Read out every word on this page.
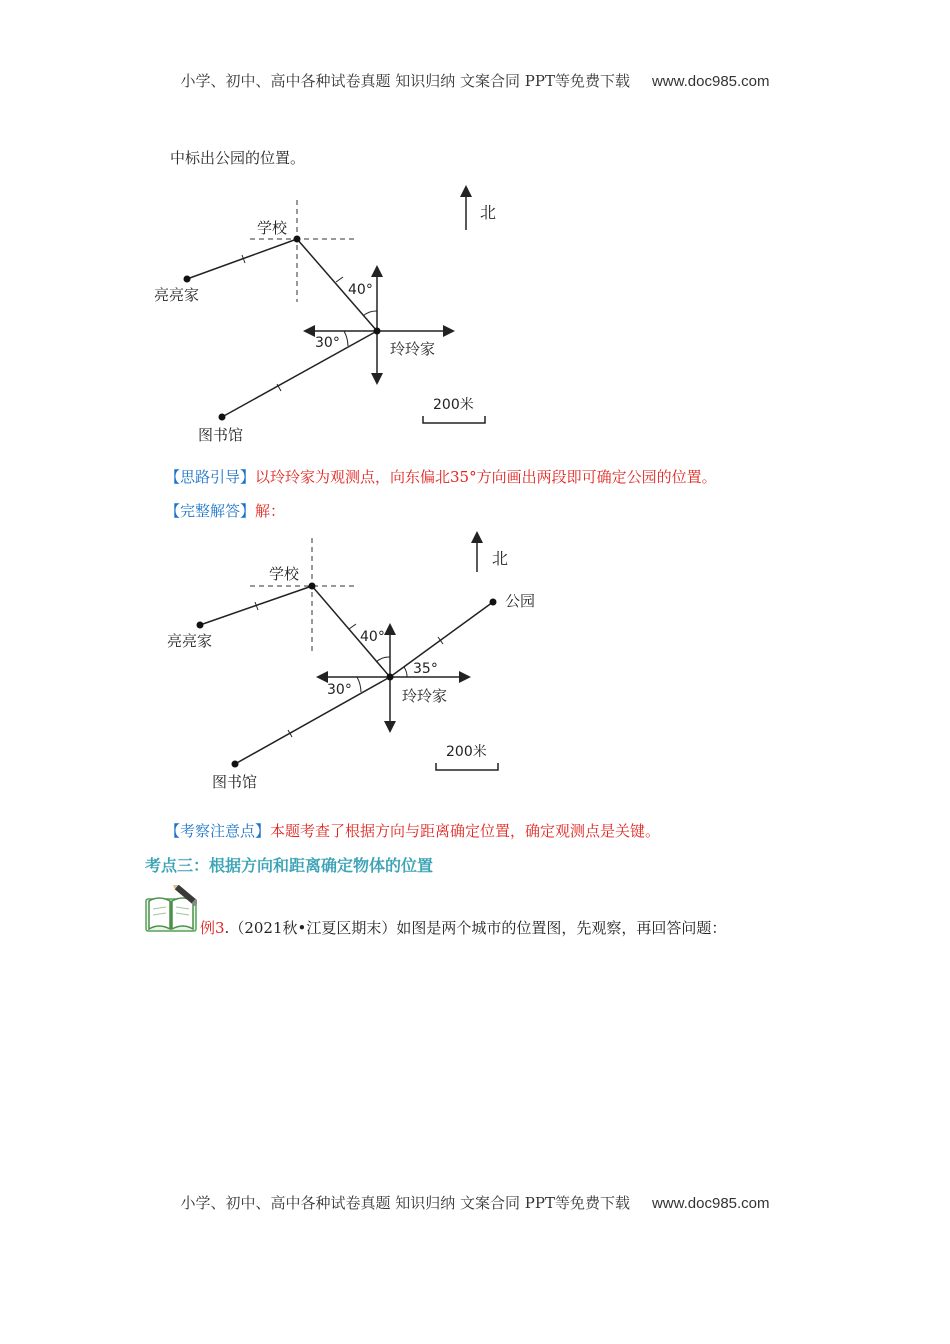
小学、初中、高中各种试卷真题 知识归纳 文案合同 PPT等免费下载 www.doc985.com
中标出公园的位置。
北
学校
亮亮家	40°
30°	玲玲家
图书馆
200米
【思路引导】以玲玲家为观测点，向东偏北35°方向画出两段即可确定公园的位置。
【完整解答】解：
北
学校
公园
亮亮家	40°
35°
30°	玲玲家
图书馆
200米
【考察注意点】本题考查了根据方向与距离确定位置，确定观测点是关键。
考点三：根据方向和距离确定物体的位置
例3.（2021秋•江夏区期末）如图是两个城市的位置图，先观察，再回答问题：
小学、初中、高中各种试卷真题 知识归纳 文案合同 PPT等免费下载 www.doc985.com
